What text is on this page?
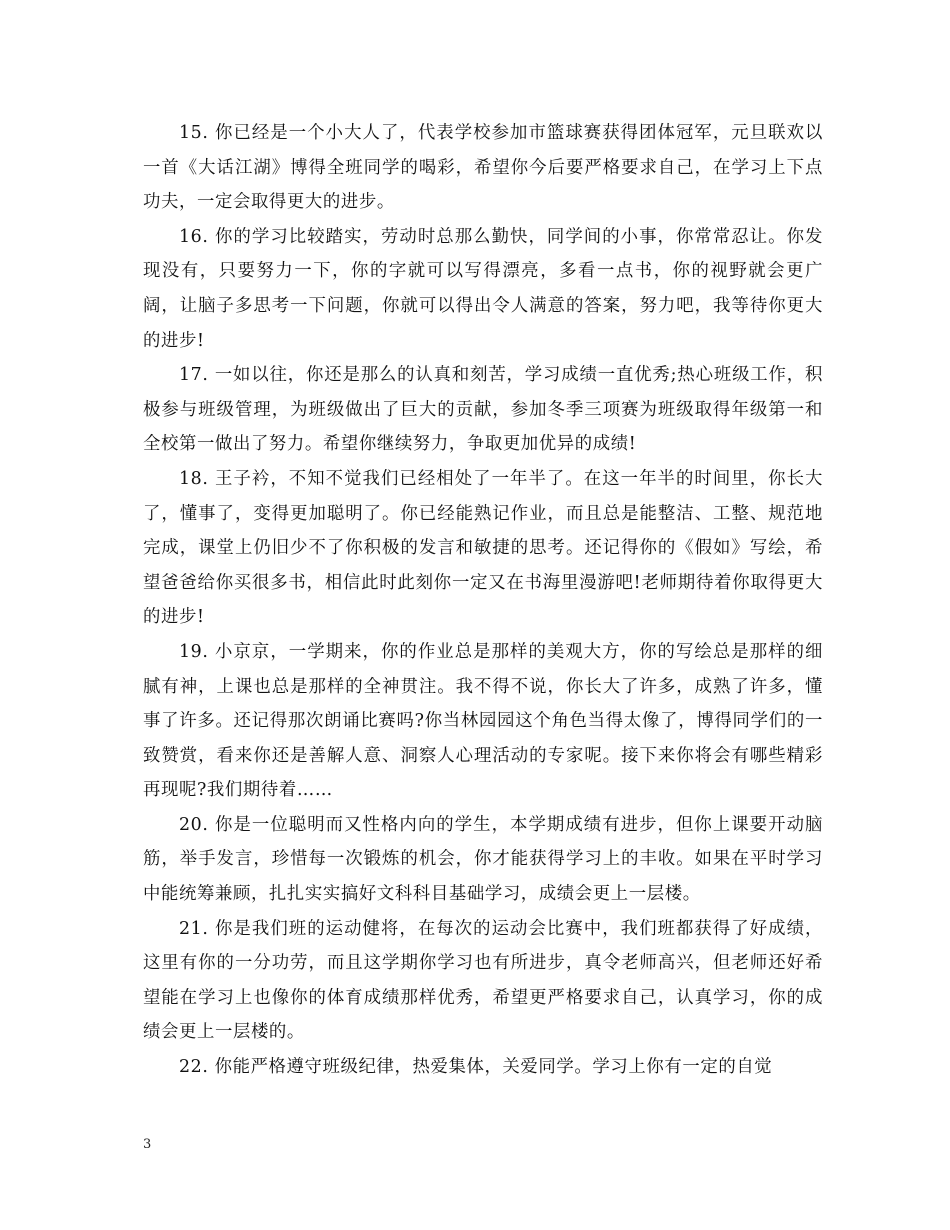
15. 你已经是一个小大人了，代表学校参加市篮球赛获得团体冠军，元旦联欢以一首《大话江湖》博得全班同学的喝彩，希望你今后要严格要求自己，在学习上下点功夫，一定会取得更大的进步。

16. 你的学习比较踏实，劳动时总那么勤快，同学间的小事，你常常忍让。你发现没有，只要努力一下，你的字就可以写得漂亮，多看一点书，你的视野就会更广阔，让脑子多思考一下问题，你就可以得出令人满意的答案，努力吧，我等待你更大的进步!

17. 一如以往，你还是那么的认真和刻苦，学习成绩一直优秀;热心班级工作，积极参与班级管理，为班级做出了巨大的贡献，参加冬季三项赛为班级取得年级第一和全校第一做出了努力。希望你继续努力，争取更加优异的成绩!

18. 王子衿，不知不觉我们已经相处了一年半了。在这一年半的时间里，你长大了，懂事了，变得更加聪明了。你已经能熟记作业，而且总是能整洁、工整、规范地完成，课堂上仍旧少不了你积极的发言和敏捷的思考。还记得你的《假如》写绘，希望爸爸给你买很多书，相信此时此刻你一定又在书海里漫游吧!老师期待着你取得更大的进步!

19. 小京京，一学期来，你的作业总是那样的美观大方，你的写绘总是那样的细腻有神，上课也总是那样的全神贯注。我不得不说，你长大了许多，成熟了许多，懂事了许多。还记得那次朗诵比赛吗?你当林园园这个角色当得太像了，博得同学们的一致赞赏，看来你还是善解人意、洞察人心理活动的专家呢。接下来你将会有哪些精彩再现呢?我们期待着……

20. 你是一位聪明而又性格内向的学生，本学期成绩有进步，但你上课要开动脑筋，举手发言，珍惜每一次锻炼的机会，你才能获得学习上的丰收。如果在平时学习中能统筹兼顾，扎扎实实搞好文科科目基础学习，成绩会更上一层楼。

21. 你是我们班的运动健将，在每次的运动会比赛中，我们班都获得了好成绩，这里有你的一分功劳，而且这学期你学习也有所进步，真令老师高兴，但老师还好希望能在学习上也像你的体育成绩那样优秀，希望更严格要求自己，认真学习，你的成绩会更上一层楼的。

22. 你能严格遵守班级纪律，热爱集体，关爱同学。学习上你有一定的自觉

3
